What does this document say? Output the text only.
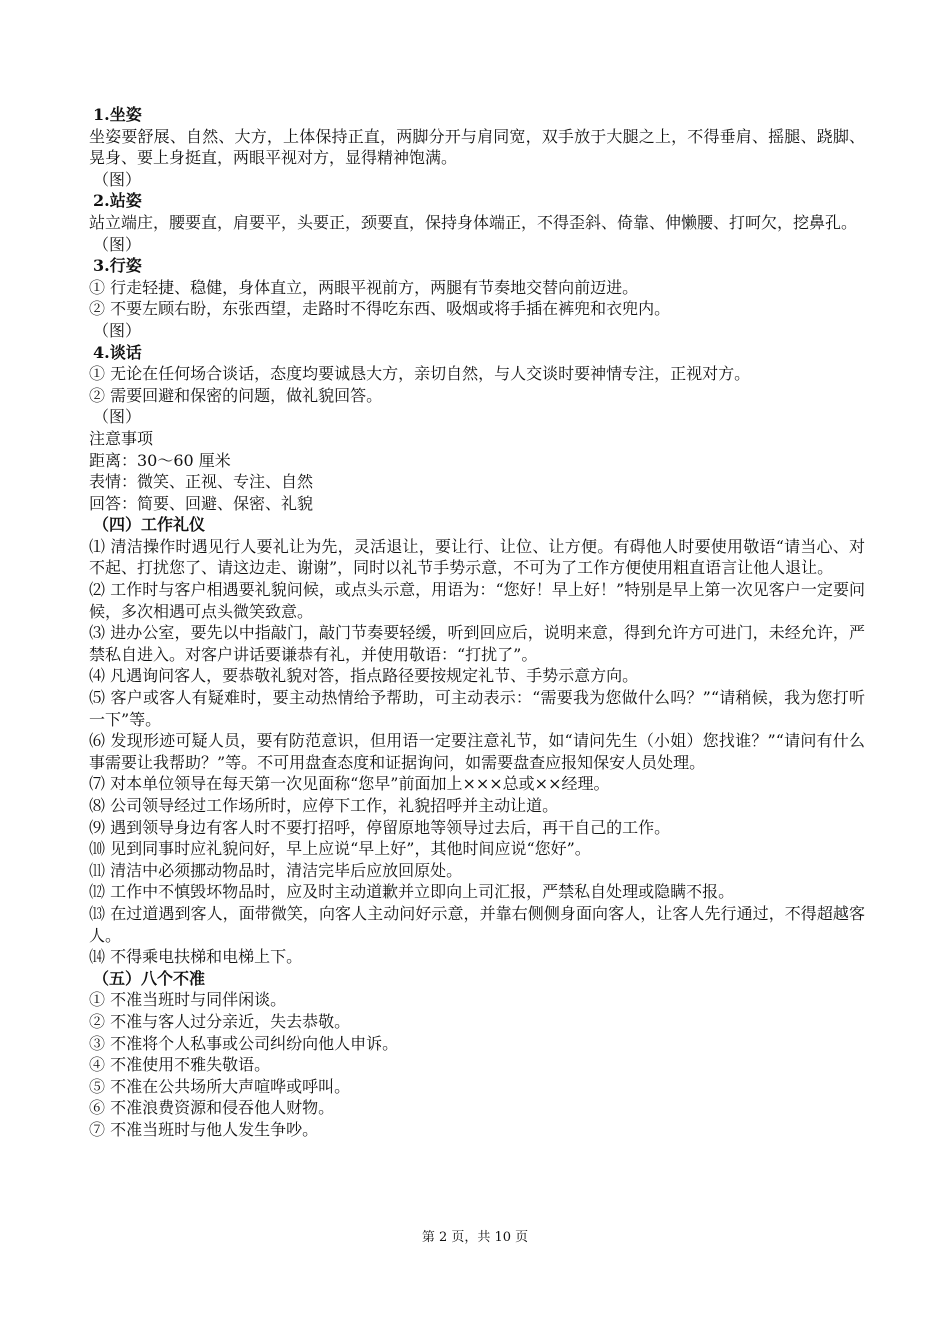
1.坐姿
坐姿要舒展、自然、大方，上体保持正直，两脚分开与肩同宽，双手放于大腿之上，不得垂肩、摇腿、跷脚、晃身、要上身挺直，两眼平视对方，显得精神饱满。
（图）
2.站姿
站立端庄，腰要直，肩要平，头要正，颈要直，保持身体端正，不得歪斜、倚靠、伸懒腰、打呵欠，挖鼻孔。
（图）
3.行姿
① 行走轻捷、稳健，身体直立，两眼平视前方，两腿有节奏地交替向前迈进。
② 不要左顾右盼，东张西望，走路时不得吃东西、吸烟或将手插在裤兜和衣兜内。
（图）
4.谈话
① 无论在任何场合谈话，态度均要诚恳大方，亲切自然，与人交谈时要神情专注，正视对方。
② 需要回避和保密的问题，做礼貌回答。
（图）
注意事项
距离：30～60 厘米
表情：微笑、正视、专注、自然
回答：简要、回避、保密、礼貌
（四）工作礼仪
⑴ 清洁操作时遇见行人要礼让为先，灵活退让，要让行、让位、让方便。有碍他人时要使用敬语“请当心、对不起、打扰您了、请这边走、谢谢”，同时以礼节手势示意，不可为了工作方便使用粗直语言让他人退让。
⑵ 工作时与客户相遇要礼貌问候，或点头示意，用语为：“您好！早上好！”特别是早上第一次见客户一定要问候，多次相遇可点头微笑致意。
⑶ 进办公室，要先以中指敲门，敲门节奏要轻缓，听到回应后，说明来意，得到允许方可进门，未经允许，严禁私自进入。对客户讲话要谦恭有礼，并使用敬语：“打扰了”。
⑷ 凡遇询问客人，要恭敬礼貌对答，指点路径要按规定礼节、手势示意方向。
⑸ 客户或客人有疑难时，要主动热情给予帮助，可主动表示：“需要我为您做什么吗？”“请稍候，我为您打听一下”等。
⑹ 发现形迹可疑人员，要有防范意识，但用语一定要注意礼节，如“请问先生（小姐）您找谁？”“请问有什么事需要让我帮助？”等。不可用盘查态度和证据询问，如需要盘查应报知保安人员处理。
⑺ 对本单位领导在每天第一次见面称“您早”前面加上×××总或××经理。
⑻ 公司领导经过工作场所时，应停下工作，礼貌招呼并主动让道。
⑼ 遇到领导身边有客人时不要打招呼，停留原地等领导过去后，再干自己的工作。
⑽ 见到同事时应礼貌问好，早上应说“早上好”，其他时间应说“您好”。
⑾ 清洁中必须挪动物品时，清洁完毕后应放回原处。
⑿ 工作中不慎毁坏物品时，应及时主动道歉并立即向上司汇报，严禁私自处理或隐瞒不报。
⒀ 在过道遇到客人，面带微笑，向客人主动问好示意，并靠右侧侧身面向客人，让客人先行通过，不得超越客人。
⒁ 不得乘电扶梯和电梯上下。
（五）八个不准
① 不准当班时与同伴闲谈。
② 不准与客人过分亲近，失去恭敬。
③ 不准将个人私事或公司纠纷向他人申诉。
④ 不准使用不雅失敬语。
⑤ 不准在公共场所大声喧哗或呼叫。
⑥ 不准浪费资源和侵吞他人财物。
⑦ 不准当班时与他人发生争吵。
第 2 页，共 10 页
